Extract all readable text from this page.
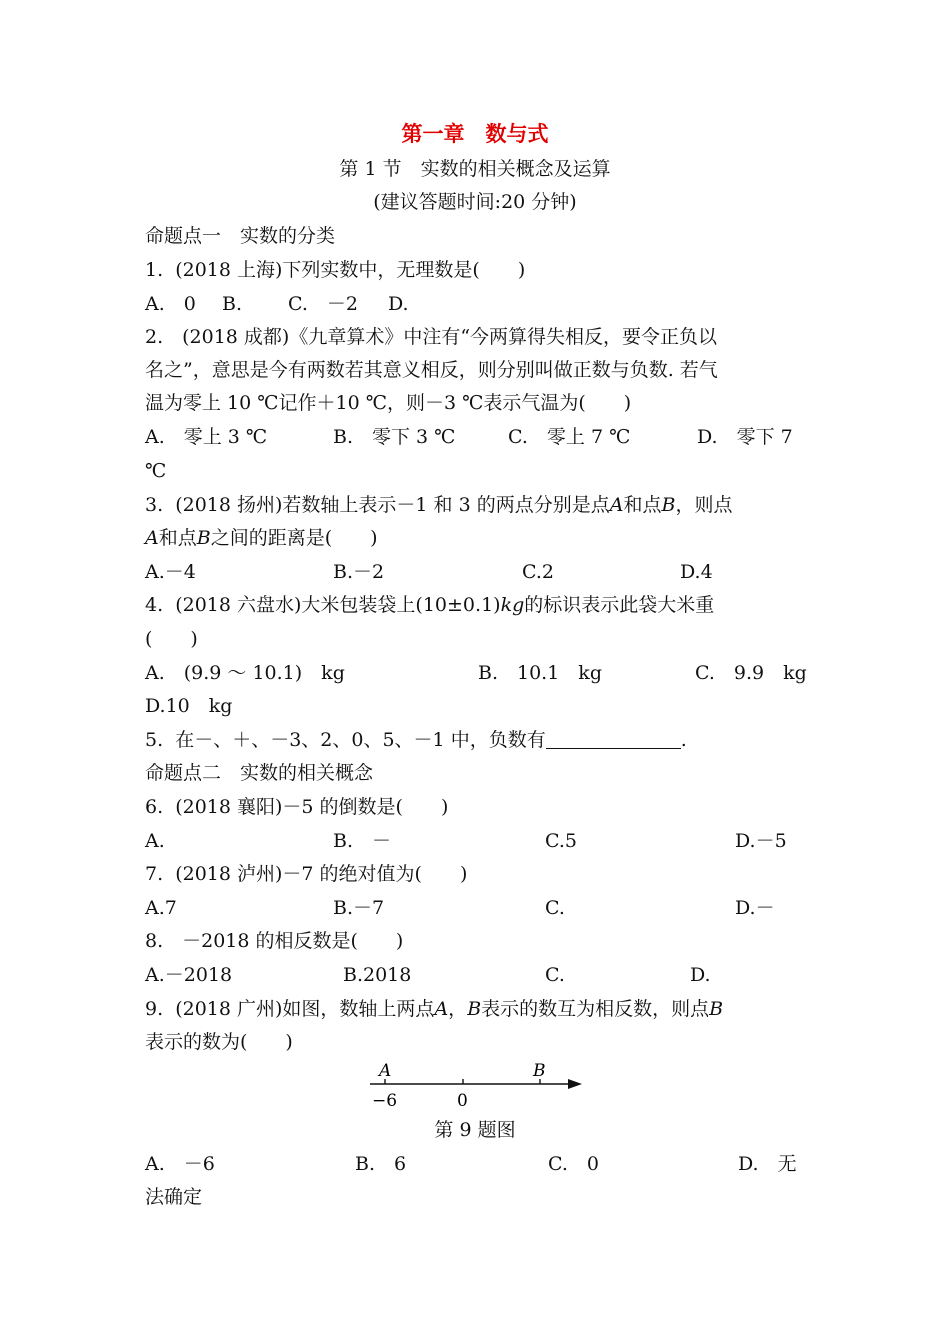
第一章　数与式
第 1 节　实数的相关概念及运算
(建议答题时间:20 分钟)
命题点一　实数的分类
1.  (2018 上海)下列实数中，无理数是(　　)
A.　0 B. C.　－2 D.
2.　(2018 成都)《九章算术》中注有“今两算得失相反，要令正负以
名之”，意思是今有两数若其意义相反，则分别叫做正数与负数. 若气
温为零上 10 ℃记作＋10 ℃，则－3 ℃表示气温为(　　)
A.　零上 3 ℃	B.　零下 3 ℃	C.　零上 7 ℃	D.　零下 7
℃
3.  (2018 扬州)若数轴上表示－1 和 3 的两点分别是点A和点B，则点
A和点B之间的距离是(　　)
A.－4	B.－2	C.2	D.4
4.  (2018 六盘水)大米包装袋上(10±0.1)kg的标识表示此袋大米重
(　　)
A.　(9.9 ～ 10.1)　kg	B.　10.1　kg	C.　9.9　kg
D.10　kg
5.  在－、＋、－3、2、0、5、－1 中，负数有	.
命题点二　实数的相关概念
6.  (2018 襄阳)－5 的倒数是(　　)
A.	B.　－	C.5	D.－5
7.  (2018 泸州)－7 的绝对值为(　　)
A.7	B.－7	C.	D.－
8.　－2018 的相反数是(　　)
A.－2018	B.2018	C.	D.
9.  (2018 广州)如图，数轴上两点A，B表示的数互为相反数，则点B
表示的数为(　　)
A	B
−6	0
第 9 题图
A.　－6	B.　6	C.　0	D.　无
法确定
